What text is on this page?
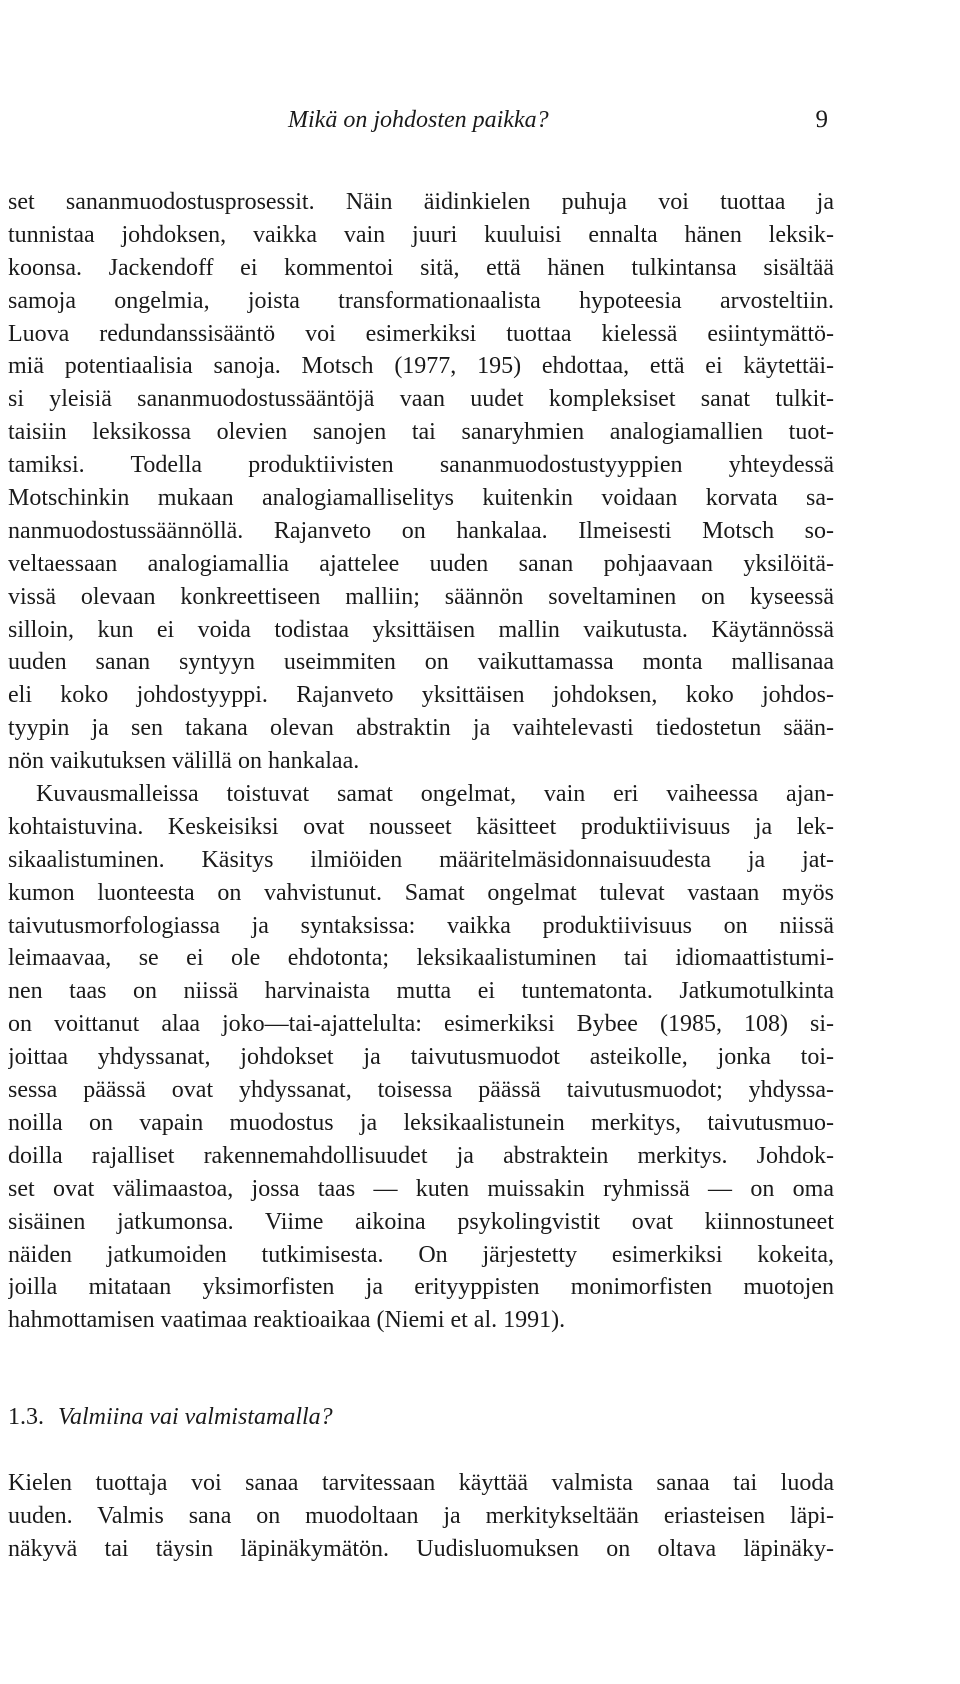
Mikä on johdosten paikka?	9
set sananmuodostusprosessit. Näin äidinkielen puhuja voi tuottaa ja
tunnistaa johdoksen, vaikka vain juuri kuuluisi ennalta hänen leksik-
koonsa. Jackendoff ei kommentoi sitä, että hänen tulkintansa sisältää
samoja ongelmia, joista transformationaalista hypoteesia arvosteltiin.
Luova redundanssisääntö voi esimerkiksi tuottaa kielessä esiintymättö-
miä potentiaalisia sanoja. Motsch (1977, 195) ehdottaa, että ei käytettäi-
si yleisiä sananmuodostussääntöjä vaan uudet kompleksiset sanat tulkit-
taisiin leksikossa olevien sanojen tai sanaryhmien analogiamallien tuot-
tamiksi. Todella produktiivisten sananmuodostustyyppien yhteydessä
Motschinkin mukaan analogiamalliselitys kuitenkin voidaan korvata sa-
nanmuodostussäännöllä. Rajanveto on hankalaa. Ilmeisesti Motsch so-
veltaessaan analogiamallia ajattelee uuden sanan pohjaavaan yksilöitä-
vissä olevaan konkreettiseen malliin; säännön soveltaminen on kyseessä
silloin, kun ei voida todistaa yksittäisen mallin vaikutusta. Käytännössä
uuden sanan syntyyn useimmiten on vaikuttamassa monta mallisanaa
eli koko johdostyyppi. Rajanveto yksittäisen johdoksen, koko johdos-
tyypin ja sen takana olevan abstraktin ja vaihtelevasti tiedostetun sään-
nön vaikutuksen välillä on hankalaa.
Kuvausmalleissa toistuvat samat ongelmat, vain eri vaiheessa ajan-
kohtaistuvina. Keskeisiksi ovat nousseet käsitteet produktiivisuus ja lek-
sikaalistuminen. Käsitys ilmiöiden määritelmäsidonnaisuudesta ja jat-
kumon luonteesta on vahvistunut. Samat ongelmat tulevat vastaan myös
taivutusmorfologiassa ja syntaksissa: vaikka produktiivisuus on niissä
leimaavaa, se ei ole ehdotonta; leksikaalistuminen tai idiomaattistumi-
nen taas on niissä harvinaista mutta ei tuntematonta. Jatkumotulkinta
on voittanut alaa joko—tai-ajattelulta: esimerkiksi Bybee (1985, 108) si-
joittaa yhdyssanat, johdokset ja taivutusmuodot asteikolle, jonka toi-
sessa päässä ovat yhdyssanat, toisessa päässä taivutusmuodot; yhdyssa-
noilla on vapain muodostus ja leksikaalistunein merkitys, taivutusmuo-
doilla rajalliset rakennemahdollisuudet ja abstraktein merkitys. Johdok-
set ovat välimaastoa, jossa taas — kuten muissakin ryhmissä — on oma
sisäinen jatkumonsa. Viime aikoina psykolingvistit ovat kiinnostuneet
näiden jatkumoiden tutkimisesta. On järjestetty esimerkiksi kokeita,
joilla mitataan yksimorfisten ja erityyppisten monimorfisten muotojen
hahmottamisen vaatimaa reaktioaikaa (Niemi et al. 1991).
1.3. Valmiina vai valmistamalla?
Kielen tuottaja voi sanaa tarvitessaan käyttää valmista sanaa tai luoda
uuden. Valmis sana on muodoltaan ja merkitykseltään eriasteisen läpi-
näkyvä tai täysin läpinäkymätön. Uudisluomuksen on oltava läpinäky-
